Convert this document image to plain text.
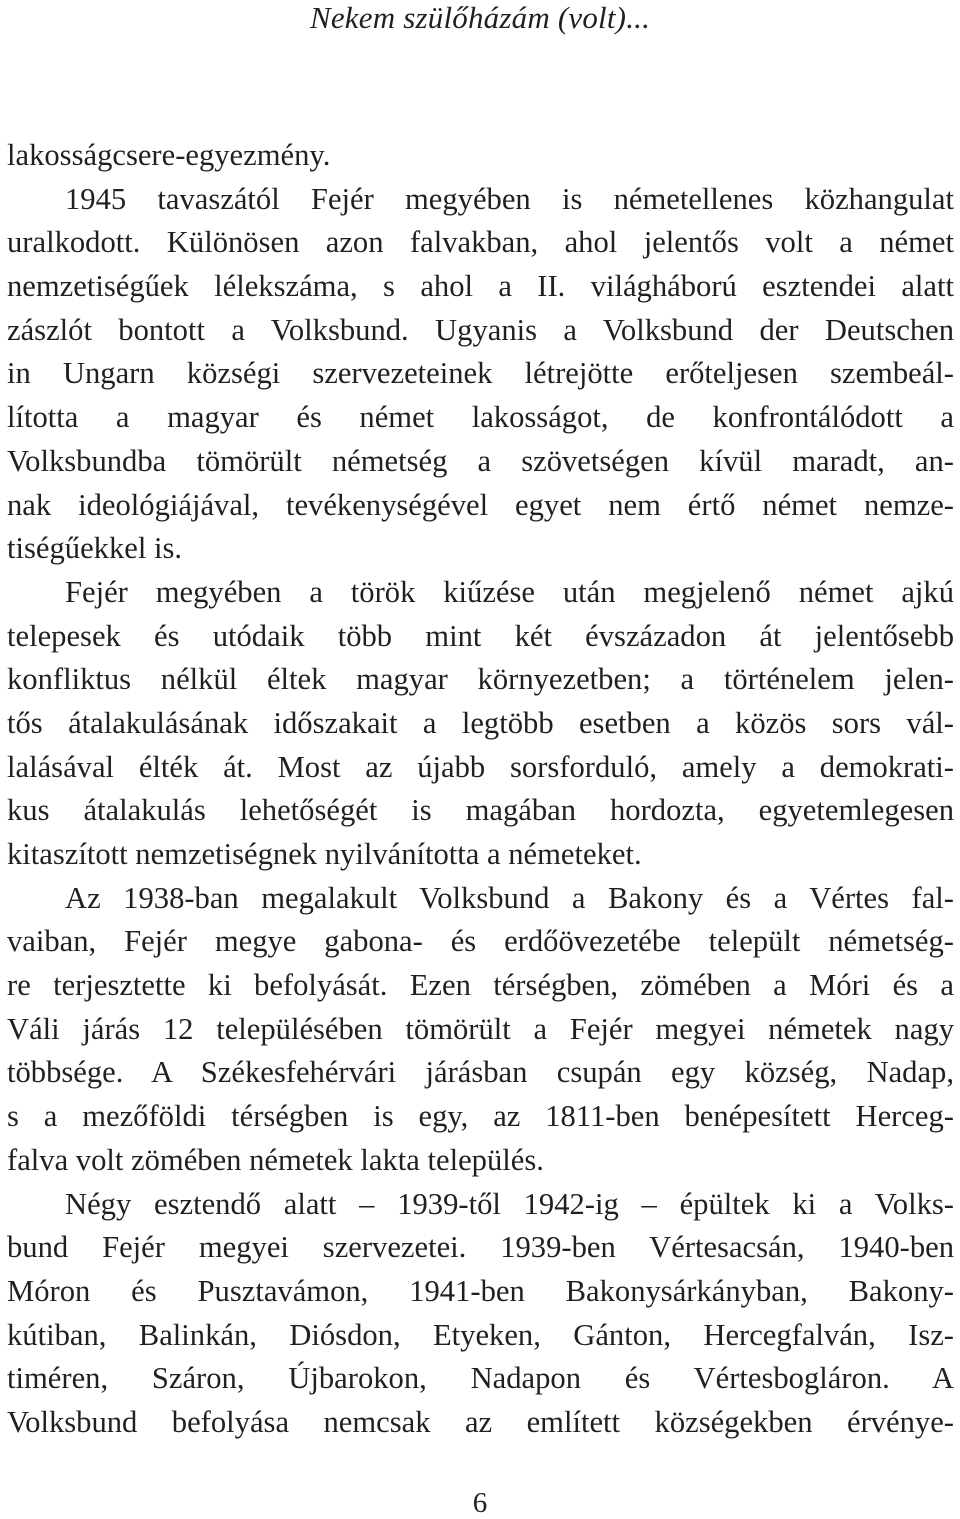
Nekem szülőházám (volt)...

lakosságcsere-egyezmény.

1945 tavaszától Fejér megyében is németellenes közhangulat
uralkodott. Különösen azon falvakban, ahol jelentős volt a német
nemzetiségűek lélekszáma, s ahol a II. világháború esztendei alatt
zászlót bontott a Volksbund. Ugyanis a Volksbund der Deutschen
in Ungarn községi szervezeteinek létrejötte erőteljesen szembeál-
lította a magyar és német lakosságot, de konfrontálódott a
Volksbundba tömörült németség a szövetségen kívül maradt, an-
nak ideológiájával, tevékenységével egyet nem értő német nemze-
tiségűekkel is.

Fejér megyében a török kiűzése után megjelenő német ajkú
telepesek és utódaik több mint két évszázadon át jelentősebb
konfliktus nélkül éltek magyar környezetben; a történelem jelen-
tős átalakulásának időszakait a legtöbb esetben a közös sors vál-
lalásával élték át. Most az újabb sorsforduló, amely a demokrati-
kus átalakulás lehetőségét is magában hordozta, egyetemlegesen
kitaszított nemzetiségnek nyilvánította a németeket.

Az 1938-ban megalakult Volksbund a Bakony és a Vértes fal-
vaiban, Fejér megye gabona- és erdőövezetébe települt németség-
re terjesztette ki befolyását. Ezen térségben, zömében a Móri és a
Váli járás 12 településében tömörült a Fejér megyei németek nagy
többsége. A Székesfehérvári járásban csupán egy község, Nadap,
s a mezőföldi térségben is egy, az 1811-ben benépesített Herceg-
falva volt zömében németek lakta település.

Négy esztendő alatt – 1939-től 1942-ig – épültek ki a Volks-
bund Fejér megyei szervezetei. 1939-ben Vértesacsán, 1940-ben
Móron és Pusztavámon, 1941-ben Bakonysárkányban, Bakony-
kútiban, Balinkán, Diósdon, Etyeken, Gánton, Hercegfalván, Isz-
timéren, Száron, Újbarokon, Nadapon és Vértesbogláron. A
Volksbund befolyása nemcsak az említett községekben érvénye-

6
